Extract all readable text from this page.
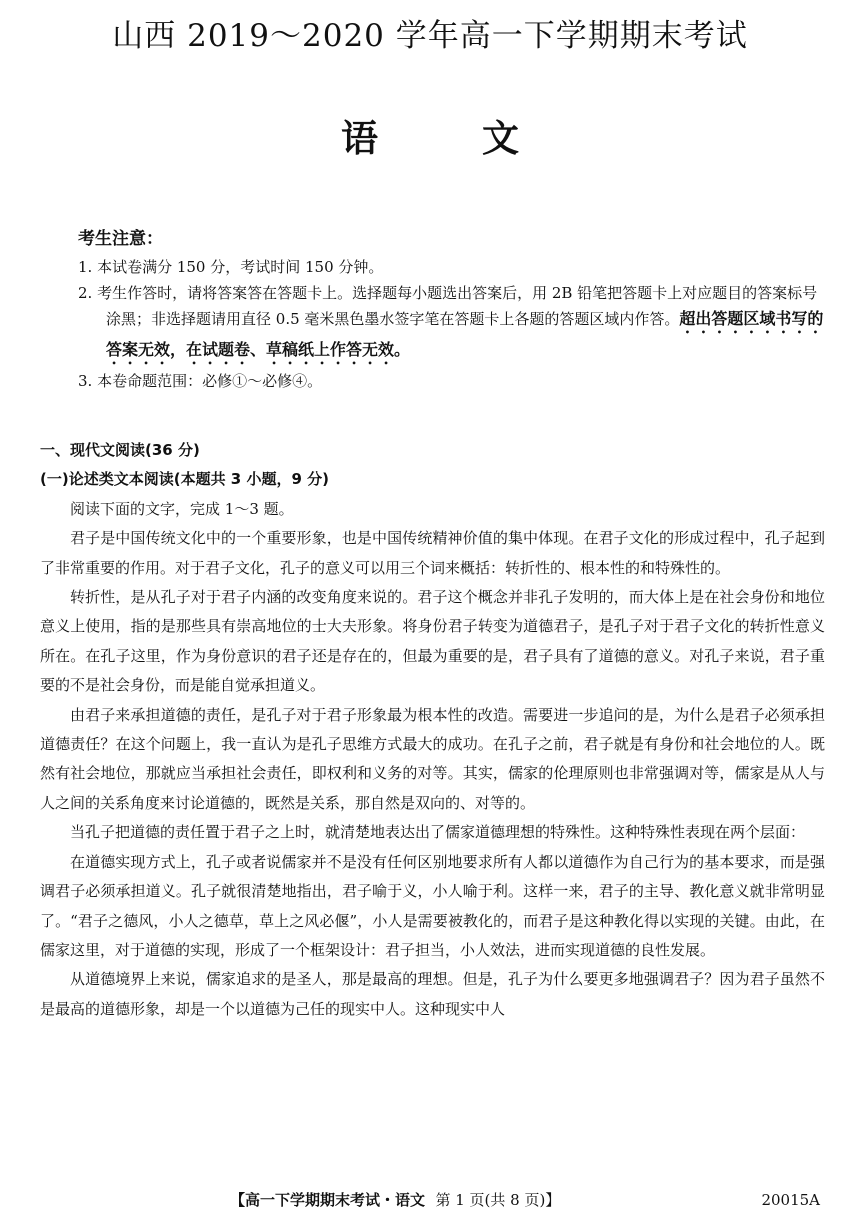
山西 2019～2020 学年高一下学期期末考试
语	文
考生注意：
1. 本试卷满分 150 分，考试时间 150 分钟。
2. 考生作答时，请将答案答在答题卡上。选择题每小题选出答案后，用 2B 铅笔把答题卡上对应题目的答案标号涂黑；非选择题请用直径 0.5 毫米黑色墨水签字笔在答题卡上各题的答题区域内作答。超出答题区域书写的答案无效，在试题卷、草稿纸上作答无效。
3. 本卷命题范围：必修①～必修④。
一、现代文阅读(36 分)
(一)论述类文本阅读(本题共 3 小题，9 分)

阅读下面的文字，完成 1～3 题。

君子是中国传统文化中的一个重要形象，也是中国传统精神价值的集中体现。在君子文化的形成过程中，孔子起到了非常重要的作用。对于君子文化，孔子的意义可以用三个词来概括：转折性的、根本性的和特殊性的。

转折性，是从孔子对于君子内涵的改变角度来说的。君子这个概念并非孔子发明的，而大体上是在社会身份和地位意义上使用，指的是那些具有崇高地位的士大夫形象。将身份君子转变为道德君子，是孔子对于君子文化的转折性意义所在。在孔子这里，作为身份意识的君子还是存在的，但最为重要的是，君子具有了道德的意义。对孔子来说，君子重要的不是社会身份，而是能自觉承担道义。

由君子来承担道德的责任，是孔子对于君子形象最为根本性的改造。需要进一步追问的是，为什么是君子必须承担道德责任？在这个问题上，我一直认为是孔子思维方式最大的成功。在孔子之前，君子就是有身份和社会地位的人。既然有社会地位，那就应当承担社会责任，即权利和义务的对等。其实，儒家的伦理原则也非常强调对等，儒家是从人与人之间的关系角度来讨论道德的，既然是关系，那自然是双向的、对等的。

当孔子把道德的责任置于君子之上时，就清楚地表达出了儒家道德理想的特殊性。这种特殊性表现在两个层面：

在道德实现方式上，孔子或者说儒家并不是没有任何区别地要求所有人都以道德作为自己行为的基本要求，而是强调君子必须承担道义。孔子就很清楚地指出，君子喻于义，小人喻于利。这样一来，君子的主导、教化意义就非常明显了。“君子之德风，小人之德草，草上之风必偃”，小人是需要被教化的，而君子是这种教化得以实现的关键。由此，在儒家这里，对于道德的实现，形成了一个框架设计：君子担当，小人效法，进而实现道德的良性发展。

从道德境界上来说，儒家追求的是圣人，那是最高的理想。但是，孔子为什么要更多地强调君子？因为君子虽然不是最高的道德形象，却是一个以道德为己任的现实中人。这种现实中人

【高一下学期期末考试・语文 第 1 页(共 8 页)】	20015A
